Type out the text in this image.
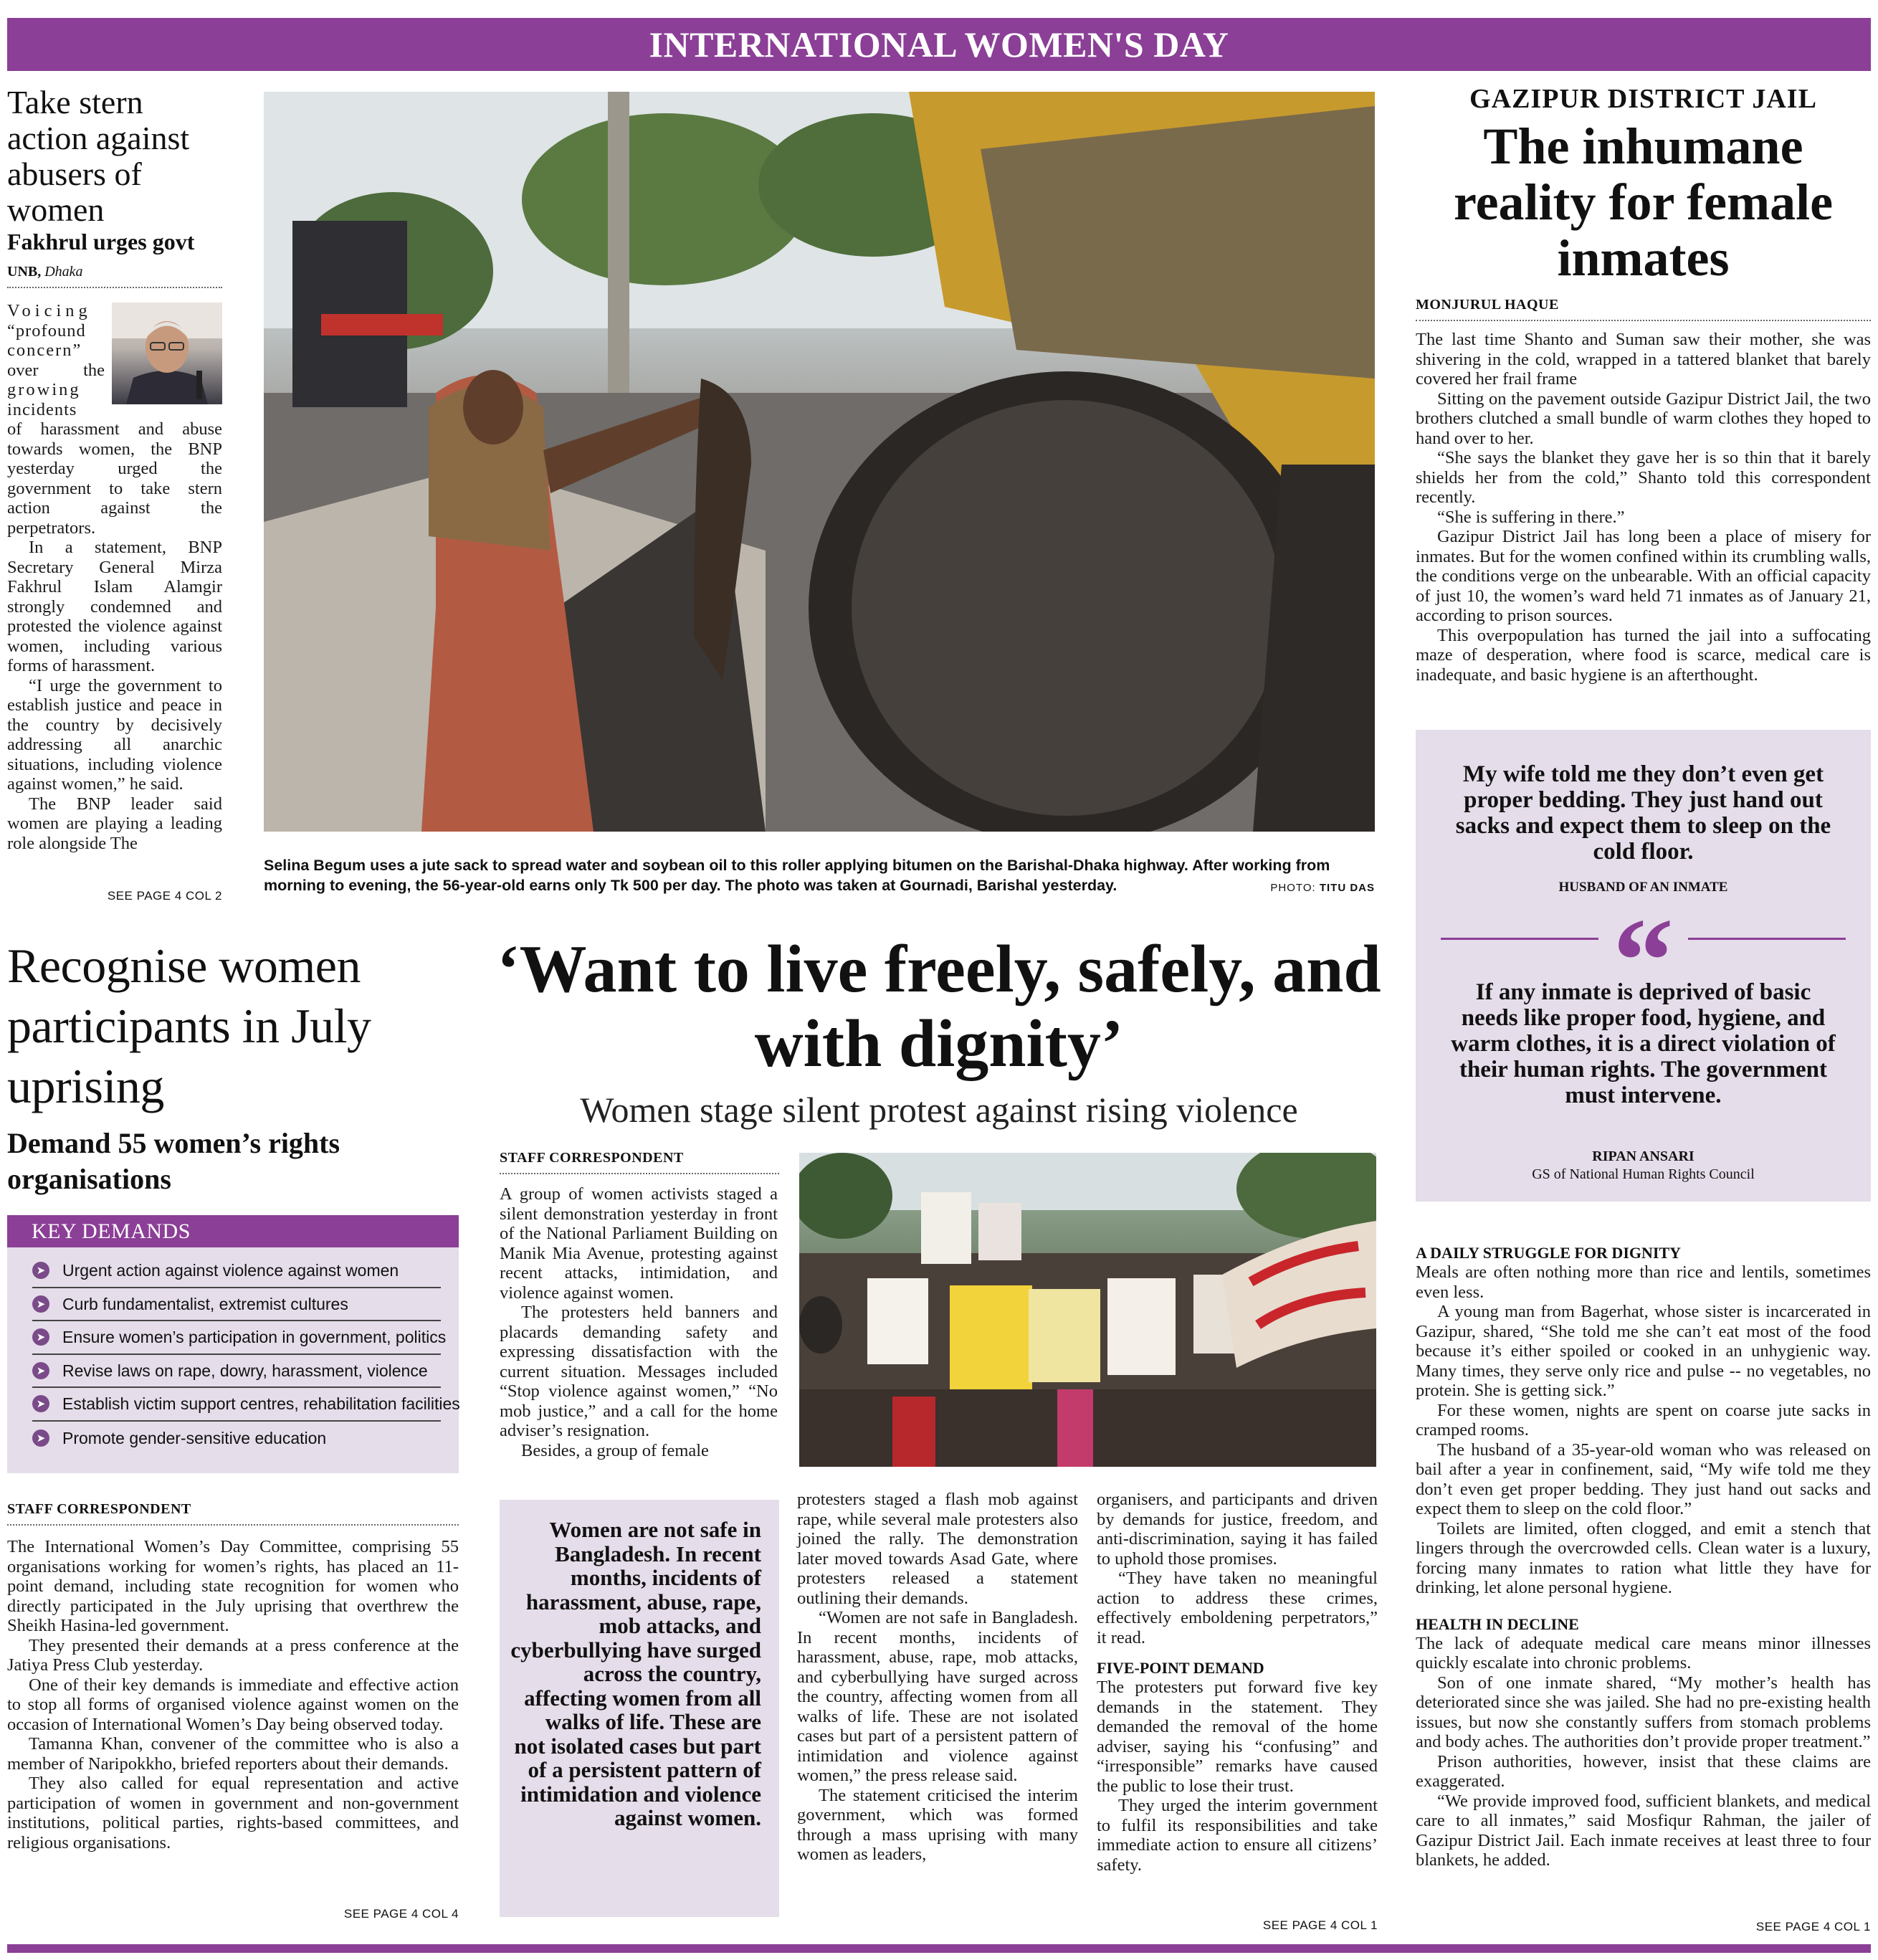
INTERNATIONAL WOMEN'S DAY
Take stern action against abusers of women
Fakhrul urges govt
UNB, Dhaka
Voicing
“profound
concern”
over the
growing
incidents

of harassment and abuse towards women, the BNP yesterday urged the government to take stern action against the perpetrators.

In a statement, BNP Secretary General Mirza Fakhrul Islam Alamgir strongly condemned and protested the violence against women, including various forms of harassment.

“I urge the government to establish justice and peace in the country by decisively addressing all anarchic situations, including violence against women,” he said.

The BNP leader said women are playing a leading role alongside The

SEE PAGE 4 COL 2
Selina Begum uses a jute sack to spread water and soybean oil to this roller applying bitumen on the Barishal-Dhaka highway. After working from morning to evening, the 56-year-old earns only Tk 500 per day. The photo was taken at Gournadi, Barishal yesterday.	PHOTO: TITU DAS
GAZIPUR DISTRICT JAIL
The inhumane reality for female inmates
MONJURUL HAQUE

The last time Shanto and Suman saw their mother, she was shivering in the cold, wrapped in a tattered blanket that barely covered her frail frame

Sitting on the pavement outside Gazipur District Jail, the two brothers clutched a small bundle of warm clothes they hoped to hand over to her.

“She says the blanket they gave her is so thin that it barely shields her from the cold,” Shanto told this correspondent recently.

“She is suffering in there.”

Gazipur District Jail has long been a place of misery for inmates. But for the women confined within its crumbling walls, the conditions verge on the unbearable. With an official capacity of just 10, the women’s ward held 71 inmates as of January 21, according to prison sources.

This overpopulation has turned the jail into a suffocating maze of desperation, where food is scarce, medical care is inadequate, and basic hygiene is an afterthought.

My wife told me they don’t even get proper bedding. They just hand out sacks and expect them to sleep on the cold floor.
HUSBAND OF AN INMATE
“
If any inmate is deprived of basic needs like proper food, hygiene, and warm clothes, it is a direct violation of their human rights. The government must intervene.
RIPAN ANSARI
GS of National Human Rights Council
A DAILY STRUGGLE FOR DIGNITY

Meals are often nothing more than rice and lentils, sometimes even less.

A young man from Bagerhat, whose sister is incarcerated in Gazipur, shared, “She told me she can’t eat most of the food because it’s either spoiled or cooked in an unhygienic way. Many times, they serve only rice and pulse -- no vegetables, no protein. She is getting sick.”

For these women, nights are spent on coarse jute sacks in cramped rooms.

The husband of a 35-year-old woman who was released on bail after a year in confinement, said, “My wife told me they don’t even get proper bedding. They just hand out sacks and expect them to sleep on the cold floor.”

Toilets are limited, often clogged, and emit a stench that lingers through the overcrowded cells. Clean water is a luxury, forcing many inmates to ration what little they have for drinking, let alone personal hygiene.

HEALTH IN DECLINE

The lack of adequate medical care means minor illnesses quickly escalate into chronic problems.

Son of one inmate shared, “My mother’s health has deteriorated since she was jailed. She had no pre-existing health issues, but now she constantly suffers from stomach problems and body aches. The authorities don’t provide proper treatment.”

Prison authorities, however, insist that these claims are exaggerated.

“We provide improved food, sufficient blankets, and medical care to all inmates,” said Mosfiqur Rahman, the jailer of Gazipur District Jail. Each inmate receives at least three to four blankets, he added.

SEE PAGE 4 COL 1
Recognise women participants in July uprising
Demand 55 women’s rights organisations
KEY DEMANDS
➤ Urgent action against violence against women
➤ Curb fundamentalist, extremist cultures
➤ Ensure women’s participation in government, politics
➤ Revise laws on rape, dowry, harassment, violence
➤ Establish victim support centres, rehabilitation facilities
➤ Promote gender-sensitive education
STAFF CORRESPONDENT

The International Women’s Day Committee, comprising 55 organisations working for women’s rights, has placed an 11-point demand, including state recognition for women who directly participated in the July uprising that overthrew the Sheikh Hasina-led government.

They presented their demands at a press conference at the Jatiya Press Club yesterday.

One of their key demands is immediate and effective action to stop all forms of organised violence against women on the occasion of International Women’s Day being observed today.

Tamanna Khan, convener of the committee who is also a member of Naripokkho, briefed reporters about their demands.

They also called for equal representation and active participation of women in government and non-government institutions, political parties, rights-based committees, and religious organisations.

SEE PAGE 4 COL 4
‘Want to live freely, safely, and with dignity’
Women stage silent protest against rising violence
STAFF CORRESPONDENT

A group of women activists staged a silent demonstration yesterday in front of the National Parliament Building on Manik Mia Avenue, protesting against recent attacks, intimidation, and violence against women.

The protesters held banners and placards demanding safety and expressing dissatisfaction with the current situation. Messages included “Stop violence against women,” “No mob justice,” and a call for the home adviser’s resignation.

Besides, a group of female

Women are not safe in Bangladesh. In recent months, incidents of harassment, abuse, rape, mob attacks, and cyberbullying have surged across the country, affecting women from all walks of life. These are not isolated cases but part of a persistent pattern of intimidation and violence against women.

protesters staged a flash mob against rape, while several male protesters also joined the rally. The demonstration later moved towards Asad Gate, where protesters released a statement outlining their demands.

“Women are not safe in Bangladesh. In recent months, incidents of harassment, abuse, rape, mob attacks, and cyberbullying have surged across the country, affecting women from all walks of life. These are not isolated cases but part of a persistent pattern of intimidation and violence against women,” the press release said.

The statement criticised the interim government, which was formed through a mass uprising with many women as leaders,

organisers, and participants and driven by demands for justice, freedom, and anti-discrimination, saying it has failed to uphold those promises.

“They have taken no meaningful action to address these crimes, effectively emboldening perpetrators,” it read.

FIVE-POINT DEMAND

The protesters put forward five key demands in the statement. They demanded the removal of the home adviser, saying his “confusing” and “irresponsible” remarks have caused the public to lose their trust.

They urged the interim government to fulfil its responsibilities and take immediate action to ensure all citizens’ safety.

SEE PAGE 4 COL 1
